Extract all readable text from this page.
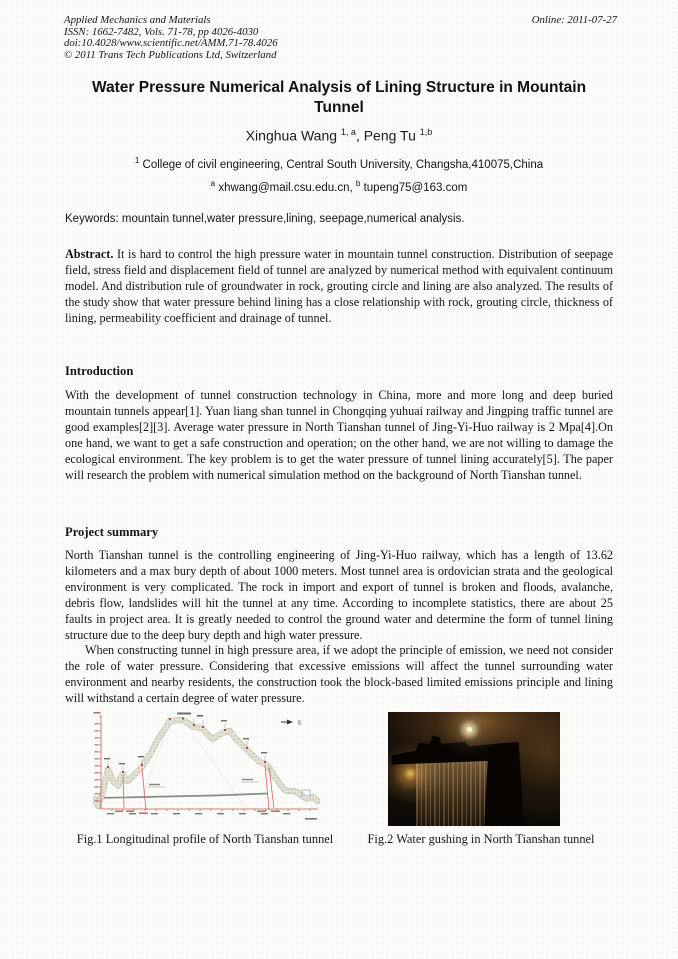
Applied Mechanics and Materials
ISSN: 1662-7482, Vols. 71-78, pp 4026-4030
doi:10.4028/www.scientific.net/AMM.71-78.4026
© 2011 Trans Tech Publications Ltd, Switzerland
Online: 2011-07-27
Water Pressure Numerical Analysis of Lining Structure in Mountain Tunnel
Xinghua Wang $^{1, a}$, Peng Tu $^{1,b}$
$^1$ College of civil engineering, Central South University, Changsha,410075,China
$^a$ xhwang@mail.csu.edu.cn, $^b$ tupeng75@163.com
Keywords: mountain tunnel,water pressure,lining, seepage,numerical analysis.
Abstract. It is hard to control the high pressure water in mountain tunnel construction. Distribution of seepage field, stress field and displacement field of tunnel are analyzed by numerical method with equivalent continuum model. And distribution rule of groundwater in rock, grouting circle and lining are also analyzed. The results of the study show that water pressure behind lining has a close relationship with rock, grouting circle, thickness of lining, permeability coefficient and drainage of tunnel.
Introduction
With the development of tunnel construction technology in China, more and more long and deep buried mountain tunnels appear[1]. Yuan liang shan tunnel in Chongqing yuhuai railway and Jingping traffic tunnel are good examples[2][3]. Average water pressure in North Tianshan tunnel of Jing-Yi-Huo railway is 2 Mpa[4].On one hand, we want to get a safe construction and operation; on the other hand, we are not willing to damage the ecological environment. The key problem is to get the water pressure of tunnel lining accurately[5]. The paper will research the problem with numerical simulation method on the background of North Tianshan tunnel.
Project summary

North Tianshan tunnel is the controlling engineering of Jing-Yi-Huo railway, which has a length of 13.62 kilometers and a max bury depth of about 1000 meters. Most tunnel area is ordovician strata and the geological environment is very complicated. The rock in import and export of tunnel is broken and floods, avalanche, debris flow, landslides will hit the tunnel at any time. According to incomplete statistics, there are about 25 faults in project area. It is greatly needed to control the ground water and determine the form of tunnel lining structure due to the deep bury depth and high water pressure.

When constructing tunnel in high pressure area, if we adopt the principle of emission, we need not consider the role of water pressure. Considering that excessive emissions will affect the tunnel surrounding water environment and nearby residents, the construction took the block-based limited emissions principle and lining will withstand a certain degree of water pressure.

E
Fig.1 Longitudinal profile of North Tianshan tunnel	Fig.2 Water gushing in North Tianshan tunnel
